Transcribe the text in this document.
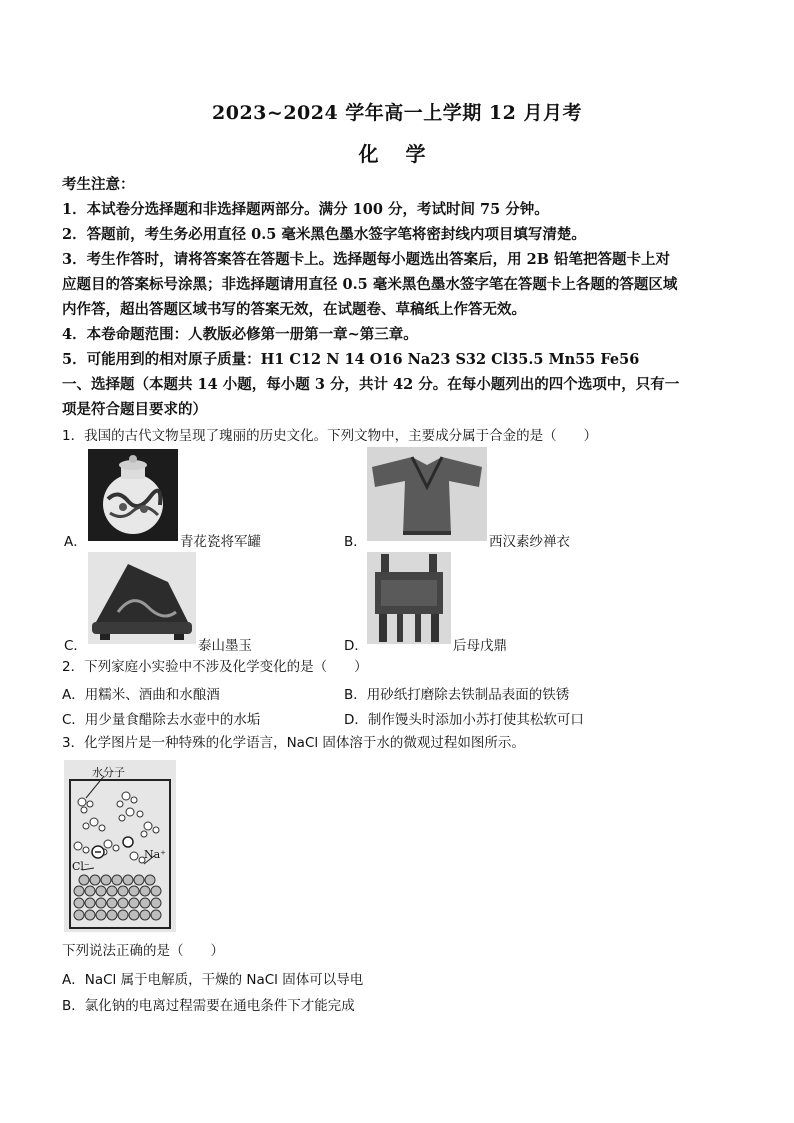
2023~2024 学年高一上学期 12 月月考
化 学
考生注意：
1．本试卷分选择题和非选择题两部分。满分 100 分，考试时间 75 分钟。
2．答题前，考生务必用直径 0.5 毫米黑色墨水签字笔将密封线内项目填写清楚。
3．考生作答时，请将答案答在答题卡上。选择题每小题选出答案后，用 2B 铅笔把答题卡上对
应题目的答案标号涂黑；非选择题请用直径 0.5 毫米黑色墨水签字笔在答题卡上各题的答题区域
内作答，超出答题区域书写的答案无效，在试题卷、草稿纸上作答无效。
4．本卷命题范围：人教版必修第一册第一章~第三章。
5．可能用到的相对原子质量：H1 C12 N 14 O16 Na23 S32 Cl35.5 Mn55 Fe56
一、选择题（本题共 14 小题，每小题 3 分，共计 42 分。在每小题列出的四个选项中，只有一
项是符合题目要求的）
1．我国的古代文物呈现了瑰丽的历史文化。下列文物中，主要成分属于合金的是（　　）
A．	青花瓷将军罐	B．	西汉素纱禅衣
C．	泰山墨玉	D．	后母戊鼎
2．下列家庭小实验中不涉及化学变化的是（　　）
A．用糯米、酒曲和水酿酒	B．用砂纸打磨除去铁制品表面的铁锈
C．用少量食醋除去水壶中的水垢	D．制作馒头时添加小苏打使其松软可口
3．化学图片是一种特殊的化学语言，NaCl 固体溶于水的微观过程如图所示。
水分子
Na⁺
Cl⁻
下列说法正确的是（　　）
A．NaCl 属于电解质，干燥的 NaCl 固体可以导电
B．氯化钠的电离过程需要在通电条件下才能完成
